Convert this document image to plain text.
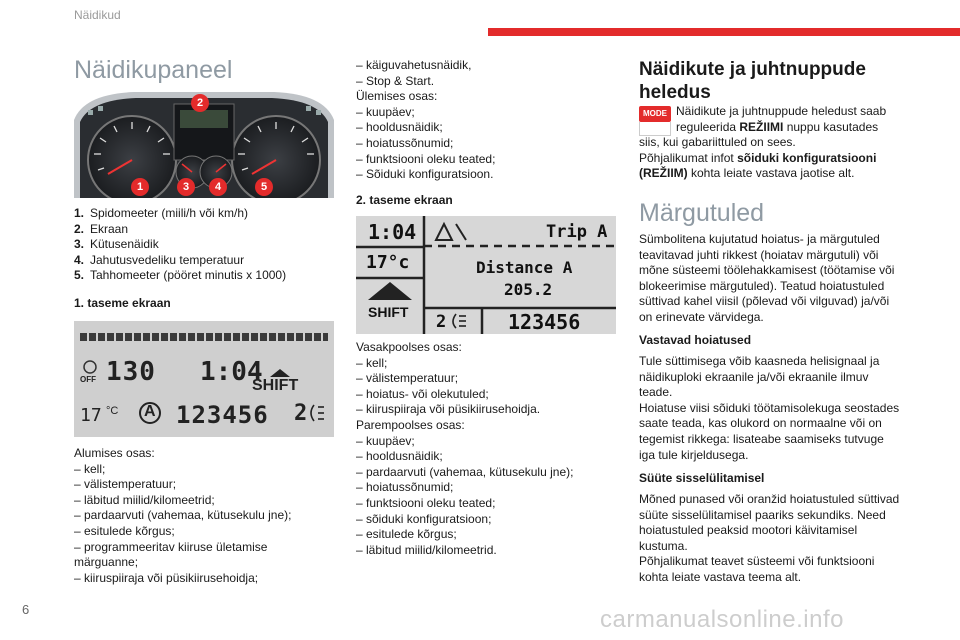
Näidikud
Näidikupaneel
2
1	3	4	5
1. Spidomeeter (miili/h või km/h)
2. Ekraan
3. Kütusenäidik
4. Jahutusvedeliku temperatuur
5. Tahhomeeter (pööret minutis x 1000)
1. taseme ekraan
OFF 130 1:04
SHIFT
17 °C A 123456 2
Alumises osas:
– kell;
– välistemperatuur;
– läbitud miilid/kilomeetrid;
– pardaarvuti (vahemaa, kütusekulu jne);
– esitulede kõrgus;
– programmeeritav kiiruse ületamise
märguanne;
– kiiruspiiraja või püsikiirusehoidja;
– käiguvahetusnäidik,
– Stop & Start.
Ülemises osas:
– kuupäev;
– hooldusnäidik;
– hoiatussõnumid;
– funktsiooni oleku teated;
– Sõiduki konfiguratsioon.
2. taseme ekraan
1:04
17°c
SHIFT
Trip A
Distance A
205.2
2	123456
Vasakpoolses osas:
– kell;
– välistemperatuur;
– hoiatus- või olekutuled;
– kiiruspiiraja või püsikiirusehoidja.
Parempoolses osas:
– kuupäev;
– hooldusnäidik;
– pardaarvuti (vahemaa, kütusekulu jne);
– hoiatussõnumid;
– funktsiooni oleku teated;
– sõiduki konfiguratsioon;
– esitulede kõrgus;
– läbitud miilid/kilomeetrid.
Näidikute ja juhtnuppude heledus
MODE Näidikute ja juhtnuppude heledust saab
reguleerida REŽIIMI nuppu kasutades
siis, kui gabariittuled on sees.
Põhjalikumat infot sõiduki konfiguratsiooni
(REŽIIM) kohta leiate vastava jaotise alt.
Märgutuled
Sümbolitena kujutatud hoiatus- ja märgutuled
teavitavad juhti rikkest (hoiatav märgutuli) või
mõne süsteemi töölehakkamisest (töötamise või
blokeerimise märgutuled). Teatud hoiatustuled
süttivad kahel viisil (põlevad või vilguvad) ja/või
on erinevate värvidega.
Vastavad hoiatused
Tule süttimisega võib kaasneda helisignaal ja
näidikuploki ekraanile ja/või ekraanile ilmuv
teade.
Hoiatuse viisi sõiduki töötamisolekuga seostades
saate teada, kas olukord on normaalne või on
tegemist rikkega: lisateabe saamiseks tutvuge
iga tule kirjeldusega.
Süüte sisselülitamisel
Mõned punased või oranžid hoiatustuled süttivad
süüte sisselülitamisel paariks sekundiks. Need
hoiatustuled peaksid mootori käivitamisel
kustuma.
Põhjalikumat teavet süsteemi või funktsiooni
kohta leiate vastava teema alt.
6	carmanualsonline.info
